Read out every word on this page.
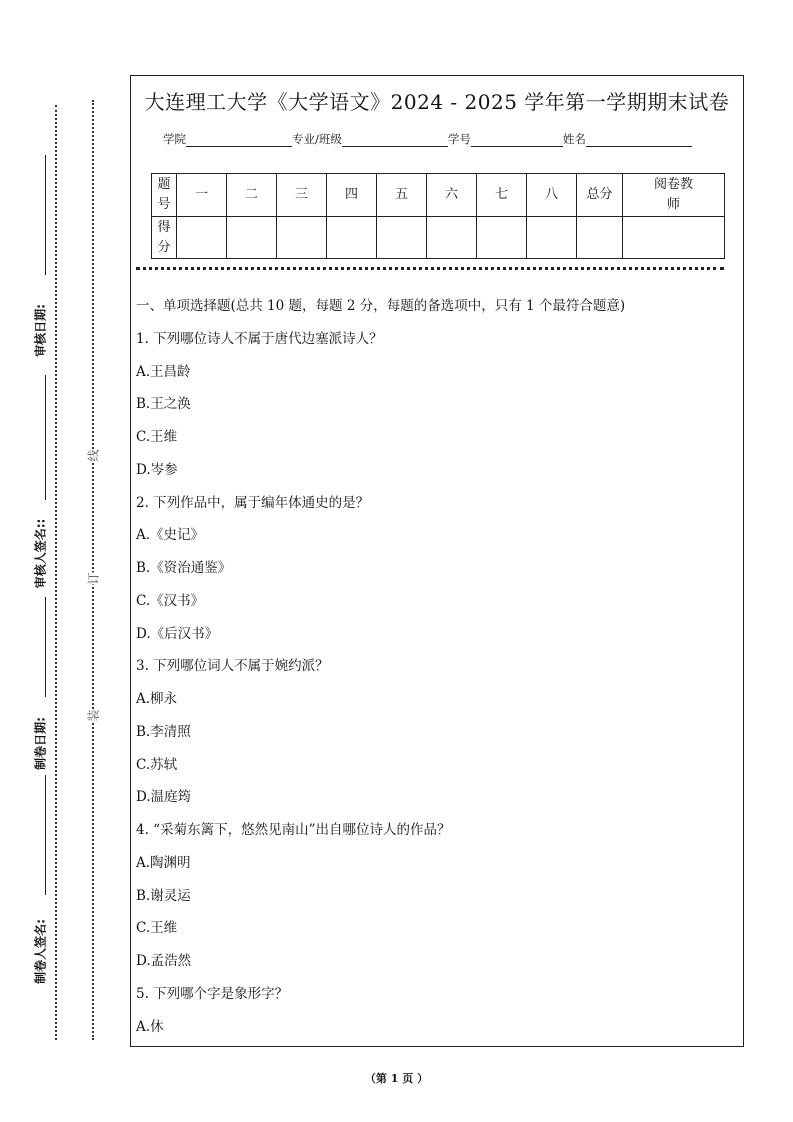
大连理工大学《大学语文》2024 - 2025 学年第一学期期末试卷
学院	专业/班级	学号	姓名
题号	一	二	三	四	五	六	七	八	总分	阅卷教师
得分										
一、单项选择题(总共 10 题，每题 2 分，每题的备选项中，只有 1 个最符合题意)
1. 下列哪位诗人不属于唐代边塞派诗人？
A.王昌龄
B.王之涣
C.王维
D.岑参
2. 下列作品中，属于编年体通史的是？
A.《史记》
B.《资治通鉴》
C.《汉书》
D.《后汉书》
3. 下列哪位词人不属于婉约派？
A.柳永
B.李清照
C.苏轼
D.温庭筠
4. “采菊东篱下，悠然见南山”出自哪位诗人的作品？
A.陶渊明
B.谢灵运
C.王维
D.孟浩然
5. 下列哪个字是象形字？
A.休
审核日期:
审核人签名::
制卷日期:
制卷人签名:
线
订
装
（第 1 页 ）
